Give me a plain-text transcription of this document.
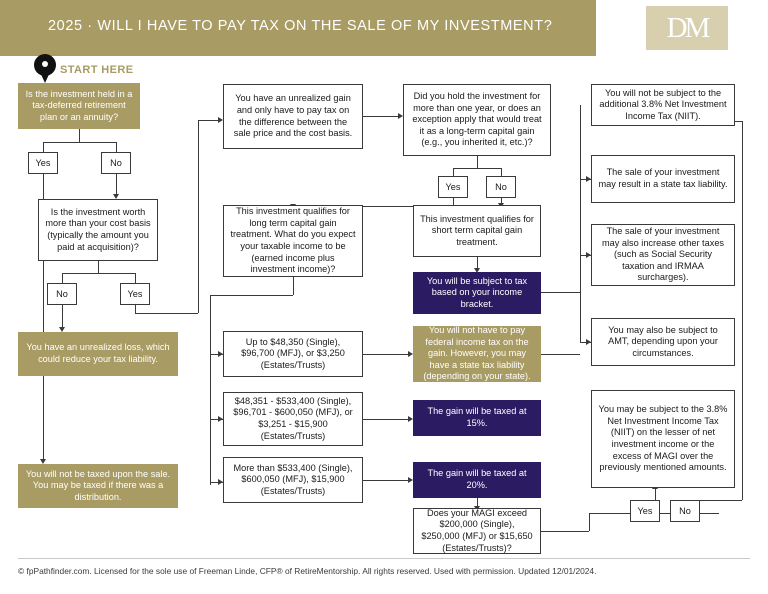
2025 · WILL I HAVE TO PAY TAX ON THE SALE OF MY INVESTMENT?	DM
START HERE
Is the investment held in a tax-deferred retirement plan or an annuity?
Yes	No
Is the investment worth more than your cost basis (typically the amount you paid at acquisition)?
No	Yes
You have an unrealized loss, which could reduce your tax liability.
You will not be taxed upon the sale. You may be taxed if there was a distribution.
You have an unrealized gain and only have to pay tax on the difference between the sale price and the cost basis.
Did you hold the investment for more than one year, or does an exception apply that would treat it as a long-term capital gain (e.g., you inherited it, etc.)?
Yes	No
This investment qualifies for long term capital gain treatment. What do you expect your taxable income to be (earned income plus investment income)?
This investment qualifies for short term capital gain treatment.
You will be subject to tax based on your income bracket.
Up to $48,350 (Single), $96,700 (MFJ), or $3,250 (Estates/Trusts)
$48,351 - $533,400 (Single), $96,701 - $600,050 (MFJ), or $3,251 - $15,900 (Estates/Trusts)
More than $533,400 (Single), $600,050 (MFJ), $15,900 (Estates/Trusts)
You will not have to pay federal income tax on the gain. However, you may have a state tax liability (depending on your state).
The gain will be taxed at 15%.
The gain will be taxed at 20%.
Does your MAGI exceed $200,000 (Single), $250,000 (MFJ) or $15,650 (Estates/Trusts)?
Yes	No
You will not be subject to the additional 3.8% Net Investment Income Tax (NIIT).
The sale of your investment may result in a state tax liability.
The sale of your investment may also increase other taxes (such as Social Security taxation and IRMAA surcharges).
You may also be subject to AMT, depending upon your circumstances.
You may be subject to the 3.8% Net Investment Income Tax (NIIT) on the lesser of net investment income or the excess of MAGI over the previously mentioned amounts.
© fpPathfinder.com. Licensed for the sole use of Freeman Linde, CFP® of RetireMentorship. All rights reserved. Used with permission. Updated 12/01/2024.
